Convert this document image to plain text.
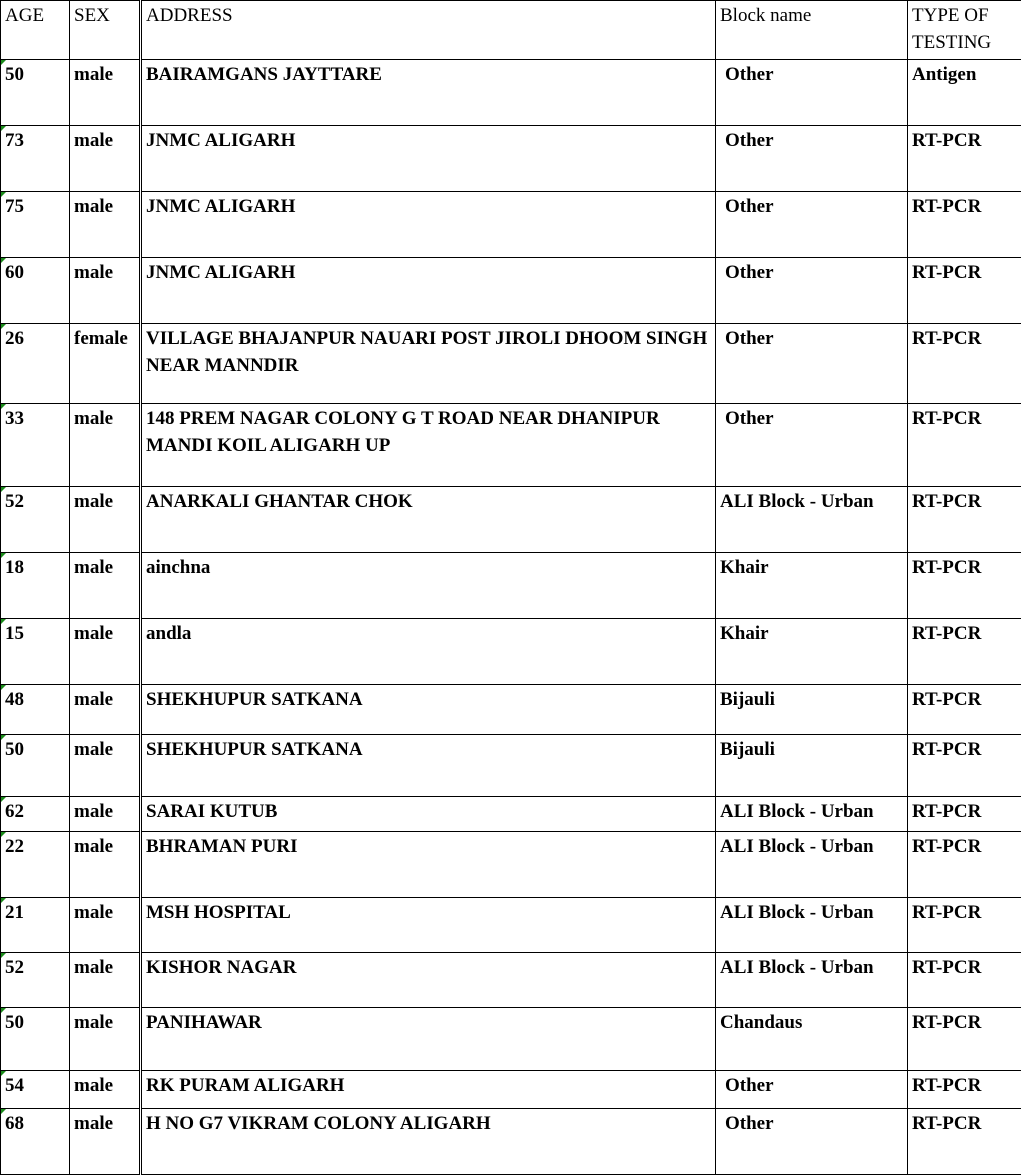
AGE	SEX	ADDRESS	Block name	TYPE OF TESTING
50	male	BAIRAMGANS JAYTTARE	Other	Antigen
73	male	JNMC ALIGARH	Other	RT-PCR
75	male	JNMC ALIGARH	Other	RT-PCR
60	male	JNMC ALIGARH	Other	RT-PCR
26	female	VILLAGE BHAJANPUR NAUARI POST JIROLI DHOOM SINGH NEAR MANNDIR	Other	RT-PCR
33	male	148 PREM NAGAR COLONY G T ROAD NEAR DHANIPUR MANDI KOIL ALIGARH UP	Other	RT-PCR
52	male	ANARKALI GHANTAR CHOK	ALI Block - Urban	RT-PCR
18	male	ainchna	Khair	RT-PCR
15	male	andla	Khair	RT-PCR
48	male	SHEKHUPUR SATKANA	Bijauli	RT-PCR
50	male	SHEKHUPUR SATKANA	Bijauli	RT-PCR
62	male	SARAI KUTUB	ALI Block - Urban	RT-PCR
22	male	BHRAMAN PURI	ALI Block - Urban	RT-PCR
21	male	MSH HOSPITAL	ALI Block - Urban	RT-PCR
52	male	KISHOR NAGAR	ALI Block - Urban	RT-PCR
50	male	PANIHAWAR	Chandaus	RT-PCR
54	male	RK PURAM ALIGARH	Other	RT-PCR
68	male	H NO G7 VIKRAM COLONY ALIGARH	Other	RT-PCR
